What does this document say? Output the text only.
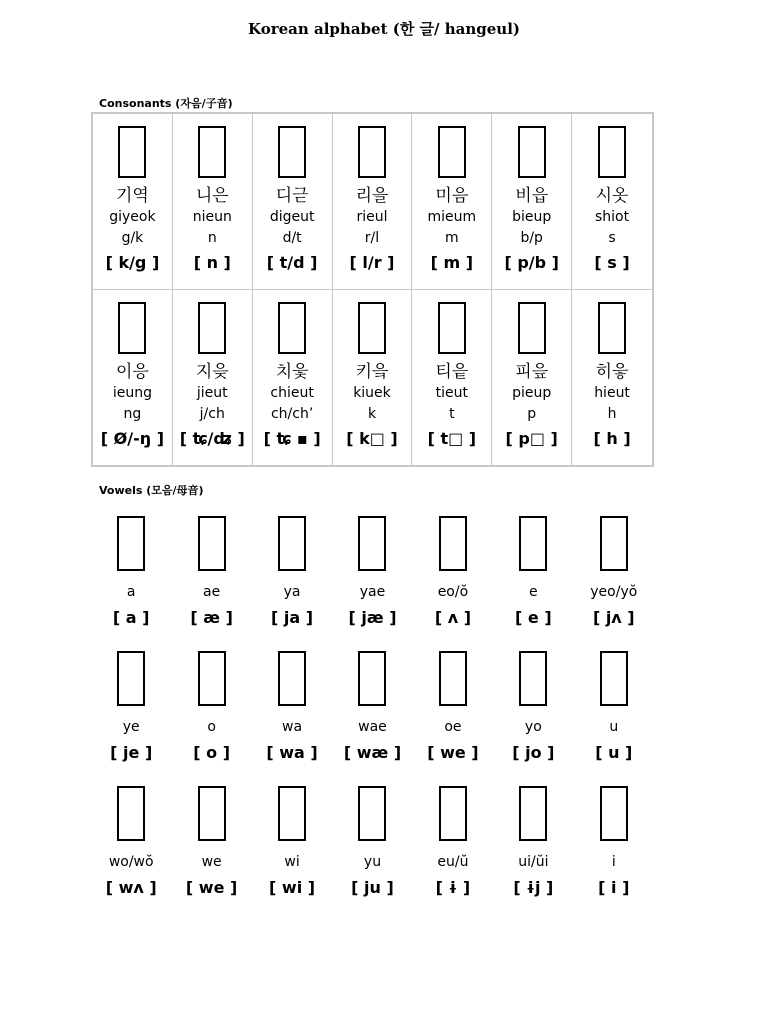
Korean alphabet (한 글/ hangeul)
Consonants (자음/子音)
기역
giyeok
g/k
[ k/g ]
니은
nieun
n
[ n ]
디귿
digeut
d/t
[ t/d ]
리을
rieul
r/l
[ l/r ]
미음
mieum
m
[ m ]
비읍
bieup
b/p
[ p/b ]
시옷
shiot
s
[ s ]
이응
ieung
ng
[ Ø/-ŋ ]
지읒
jieut
j/ch
[ ʨ/ʥ ]
치읓
chieut
ch/ch’
[ ʨ ▪ ]
키읔
kiuek
k
[ k□ ]
티읕
tieut
t
[ t□ ]
피읖
pieup
p
[ p□ ]
히읗
hieut
h
[ h ]
Vowels (모음/母音)
a
[ a ]
ae
[ æ ]
ya
[ ja ]
yae
[ jæ ]
eo/ŏ
[ ʌ ]
e
[ e ]
yeo/yŏ
[ jʌ ]
ye
[ je ]
o
[ o ]
wa
[ wa ]
wae
[ wæ ]
oe
[ we ]
yo
[ jo ]
u
[ u ]
wo/wŏ
[ wʌ ]
we
[ we ]
wi
[ wi ]
yu
[ ju ]
eu/ŭ
[ ɨ ]
ui/ŭi
[ ɨj ]
i
[ i ]
